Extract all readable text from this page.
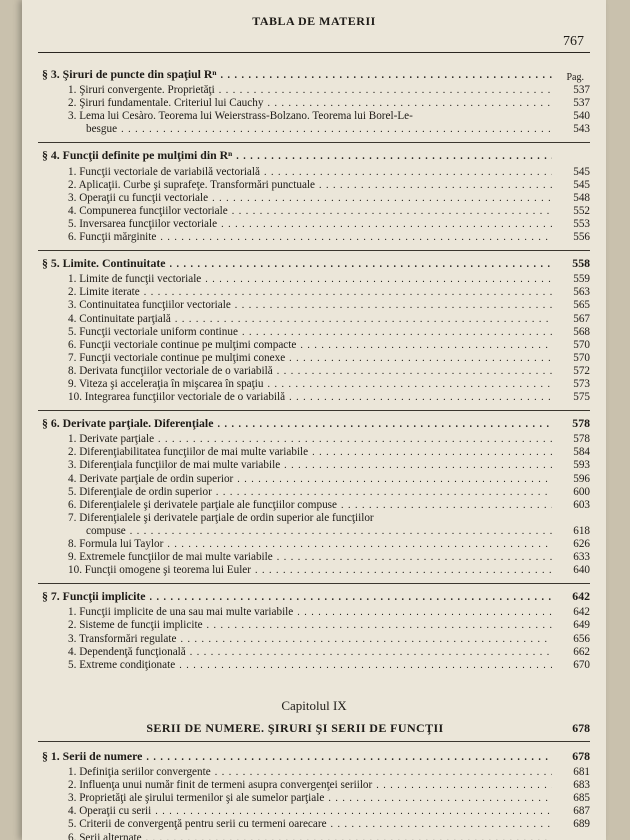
TABLA DE MATERII
767
Pag.
§ 3. Şiruri de puncte din spaţiul Rⁿ
. . .
1. Şiruri convergente. Proprietăţi . . .	537
2. Şiruri fundamentale. Criteriul lui Cauchy . . .	537
3. Lema lui Cesàro. Teorema lui Weierstrass-Bolzano. Teorema lui Borel-Le-	540
besgue . . .	543
§ 4. Funcţii definite pe mulţimi din Rⁿ
. . .
1. Funcţii vectoriale de variabilă vectorială . . .	545
2. Aplicaţii. Curbe şi suprafeţe. Transformări punctuale . . .	545
3. Operaţii cu funcţii vectoriale . . .	548
4. Compunerea funcţiilor vectoriale . . .	552
5. Inversarea funcţiilor vectoriale . . .	553
6. Funcţii mărginite . . .	556
§ 5. Limite. Continuitate . . .	558
1. Limite de funcţii vectoriale . . .	559
2. Limite iterate . . .	563
3. Continuitatea funcţiilor vectoriale . . .	565
4. Continuitate parţială . . .	567
5. Funcţii vectoriale uniform continue . . .	568
6. Funcţii vectoriale continue pe mulţimi compacte . . .	570
7. Funcţii vectoriale continue pe mulţimi conexe . . .	570
8. Derivata funcţiilor vectoriale de o variabilă . . .	572
9. Viteza şi acceleraţia în mişcarea în spaţiu . . .	573
10. Integrarea funcţiilor vectoriale de o variabilă . . .	575
§ 6. Derivate parţiale. Diferenţiale . . .	578
1. Derivate parţiale . . .	578
2. Diferenţiabilitatea funcţiilor de mai multe variabile . . .	584
3. Diferenţiala funcţiilor de mai multe variabile . . .	593
4. Derivate parţiale de ordin superior . . .	596
5. Diferenţiale de ordin superior . . .	600
6. Diferenţialele şi derivatele parţiale ale funcţiilor compuse . . .	603
7. Diferenţialele şi derivatele parţiale de ordin superior ale funcţiilor
compuse . . .	618
8. Formula lui Taylor . . .	626
9. Extremele funcţiilor de mai multe variabile . . .	633
10. Funcţii omogene şi teorema lui Euler . . .	640
§ 7. Funcţii implicite . . .	642
1. Funcţii implicite de una sau mai multe variabile . . .	642
2. Sisteme de funcţii implicite . . .	649
3. Transformări regulate . . .	656
4. Dependenţă funcţională . . .	662
5. Extreme condiţionate . . .	670
Capitolul IX
SERII DE NUMERE. ŞIRURI ŞI SERII DE FUNCŢII	678
§ 1. Serii de numere . . .	678
1. Definiţia seriilor convergente . . .	681
2. Influenţa unui număr finit de termeni asupra convergenţei seriilor . . .	683
3. Proprietăţi ale şirului termenilor şi ale sumelor parţiale . . .	685
4. Operaţii cu serii . . .	687
5. Criterii de convergenţă pentru serii cu termeni oarecare . . .	689
6. Serii alternate
. . .
